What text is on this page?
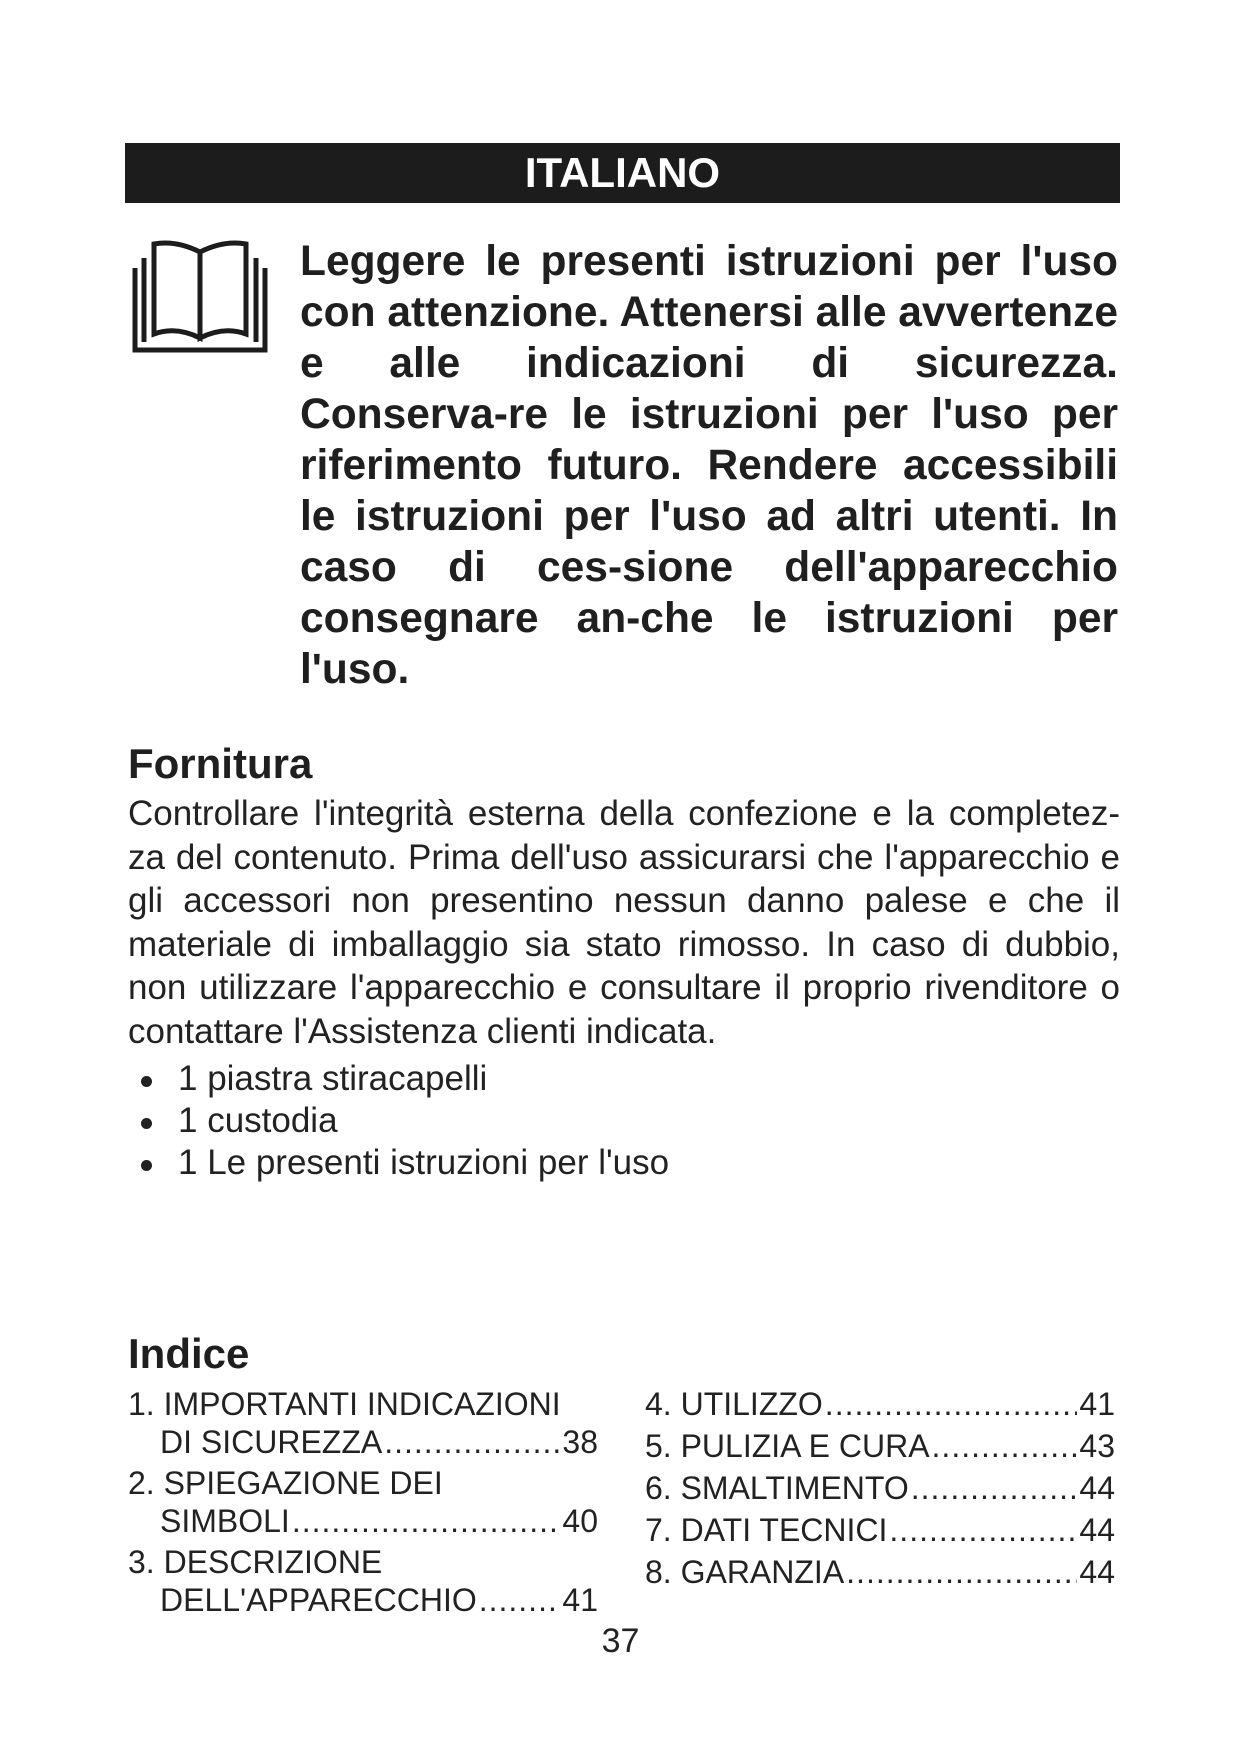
ITALIANO

Leggere le presenti istruzioni per l'uso con attenzione. Attenersi alle avvertenze e alle indicazioni di sicurezza. Conserva-re le istruzioni per l'uso per riferimento futuro. Rendere accessibili le istruzioni per l'uso ad altri utenti. In caso di ces-sione dell'apparecchio consegnare an-che le istruzioni per l'uso.

Fornitura

Controllare l'integrità esterna della confezione e la completez-za del contenuto. Prima dell'uso assicurarsi che l'apparecchio e gli accessori non presentino nessun danno palese e che il materiale di imballaggio sia stato rimosso. In caso di dubbio, non utilizzare l'apparecchio e consultare il proprio rivenditore o contattare l'Assistenza clienti indicata.

1 piastra stiracapelli
1 custodia
1 Le presenti istruzioni per l'uso
Indice
1. IMPORTANTI INDICAZIONI
DI SICUREZZA .....	38
2. SPIEGAZIONE DEI
SIMBOLI .....	40
3. DESCRIZIONE
DELL'APPARECCHIO .....	41
4. UTILIZZO .....	41
5. PULIZIA E CURA .....	43
6. SMALTIMENTO .....	44
7. DATI TECNICI .....	44
8. GARANZIA .....	44

37
